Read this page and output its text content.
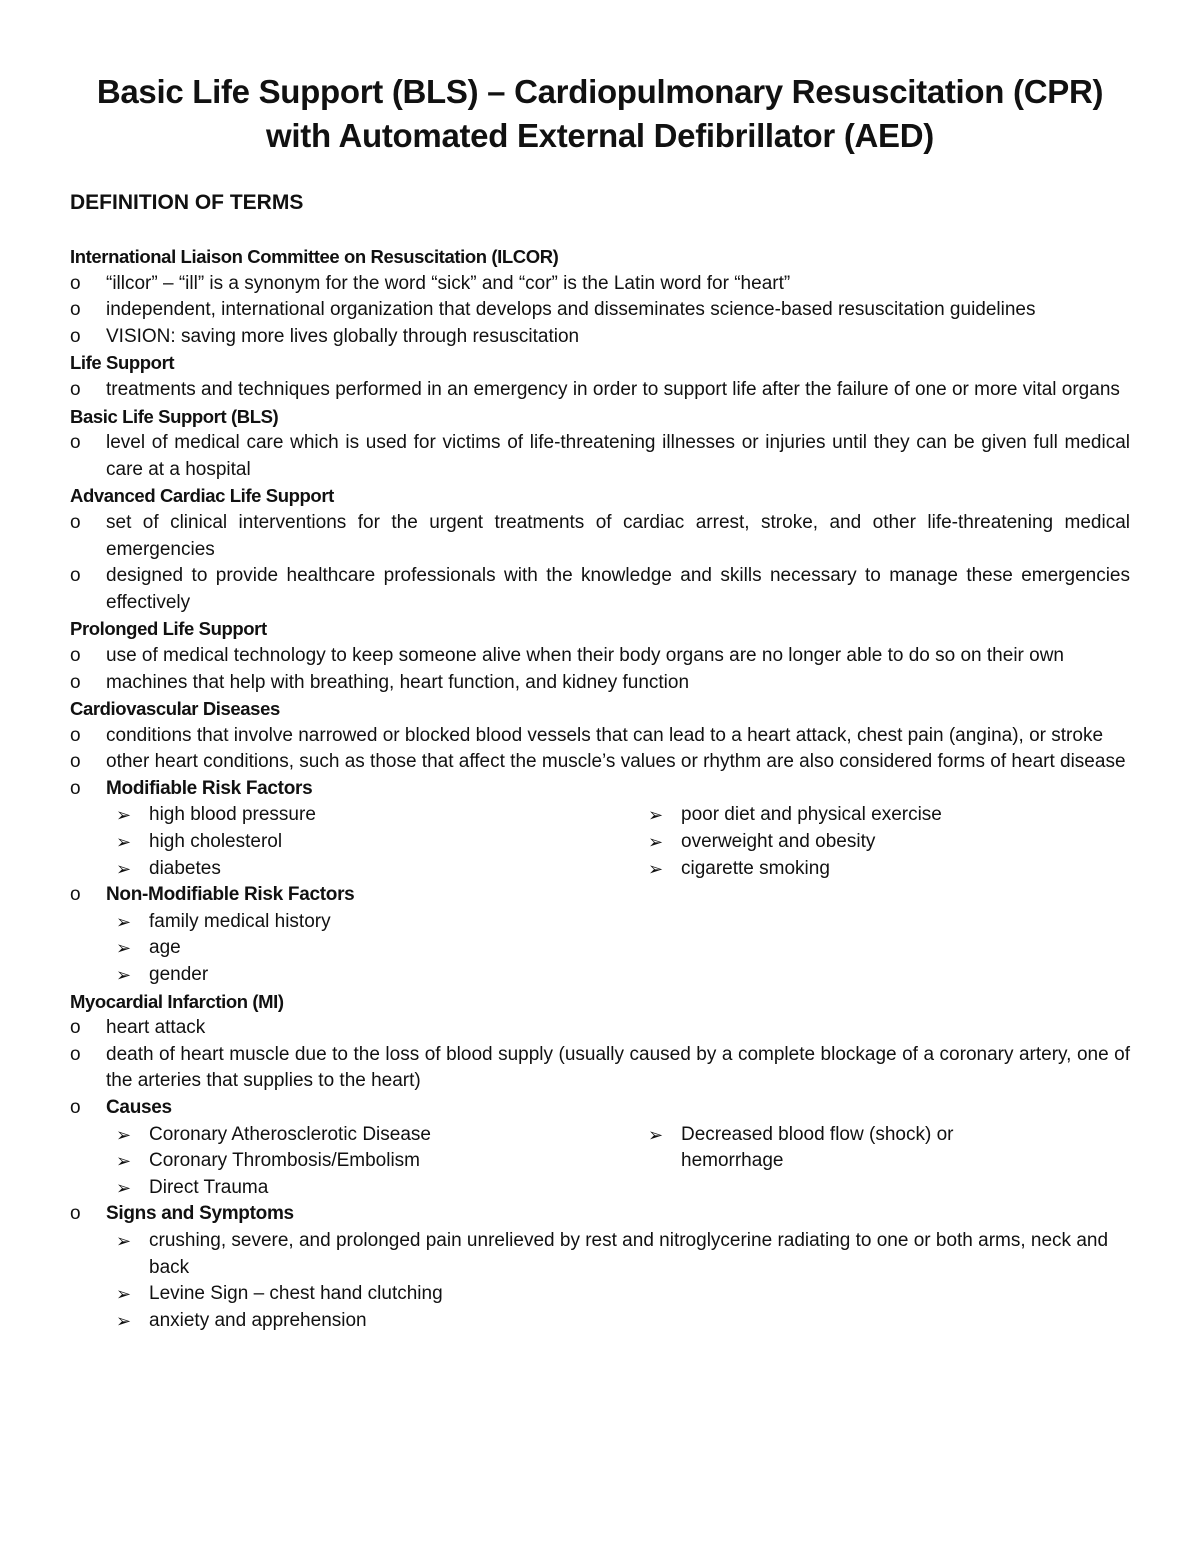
Basic Life Support (BLS) – Cardiopulmonary Resuscitation (CPR) with Automated External Defibrillator (AED)
DEFINITION OF TERMS
International Liaison Committee on Resuscitation (ILCOR)
o	“illcor” – “ill” is a synonym for the word “sick” and “cor” is the Latin word for “heart”
o	independent, international organization that develops and disseminates science-based resuscitation guidelines
o	VISION: saving more lives globally through resuscitation
Life Support
o	treatments and techniques performed in an emergency in order to support life after the failure of one or more vital organs
Basic Life Support (BLS)
o	level of medical care which is used for victims of life-threatening illnesses or injuries until they can be given full medical care at a hospital
Advanced Cardiac Life Support
o	set of clinical interventions for the urgent treatments of cardiac arrest, stroke, and other life-threatening medical emergencies
o	designed to provide healthcare professionals with the knowledge and skills necessary to manage these emergencies effectively
Prolonged Life Support
o	use of medical technology to keep someone alive when their body organs are no longer able to do so on their own
o	machines that help with breathing, heart function, and kidney function
Cardiovascular Diseases
o	conditions that involve narrowed or blocked blood vessels that can lead to a heart attack, chest pain (angina), or stroke
o	other heart conditions, such as those that affect the muscle’s values or rhythm are also considered forms of heart disease
o	Modifiable Risk Factors
➢ high blood pressure
➢ high cholesterol
➢ diabetes
➢ poor diet and physical exercise
➢ overweight and obesity
➢ cigarette smoking
o	Non-Modifiable Risk Factors
➢ family medical history
➢ age
➢ gender
Myocardial Infarction (MI)
o	heart attack
o	death of heart muscle due to the loss of blood supply (usually caused by a complete blockage of a coronary artery, one of the arteries that supplies to the heart)
o	Causes
➢ Coronary Atherosclerotic Disease
➢ Coronary Thrombosis/Embolism
➢ Direct Trauma
➢ Decreased blood flow (shock) or hemorrhage
o	Signs and Symptoms
➢ crushing, severe, and prolonged pain unrelieved by rest and nitroglycerine radiating to one or both arms, neck and back
➢ Levine Sign – chest hand clutching
➢ anxiety and apprehension
